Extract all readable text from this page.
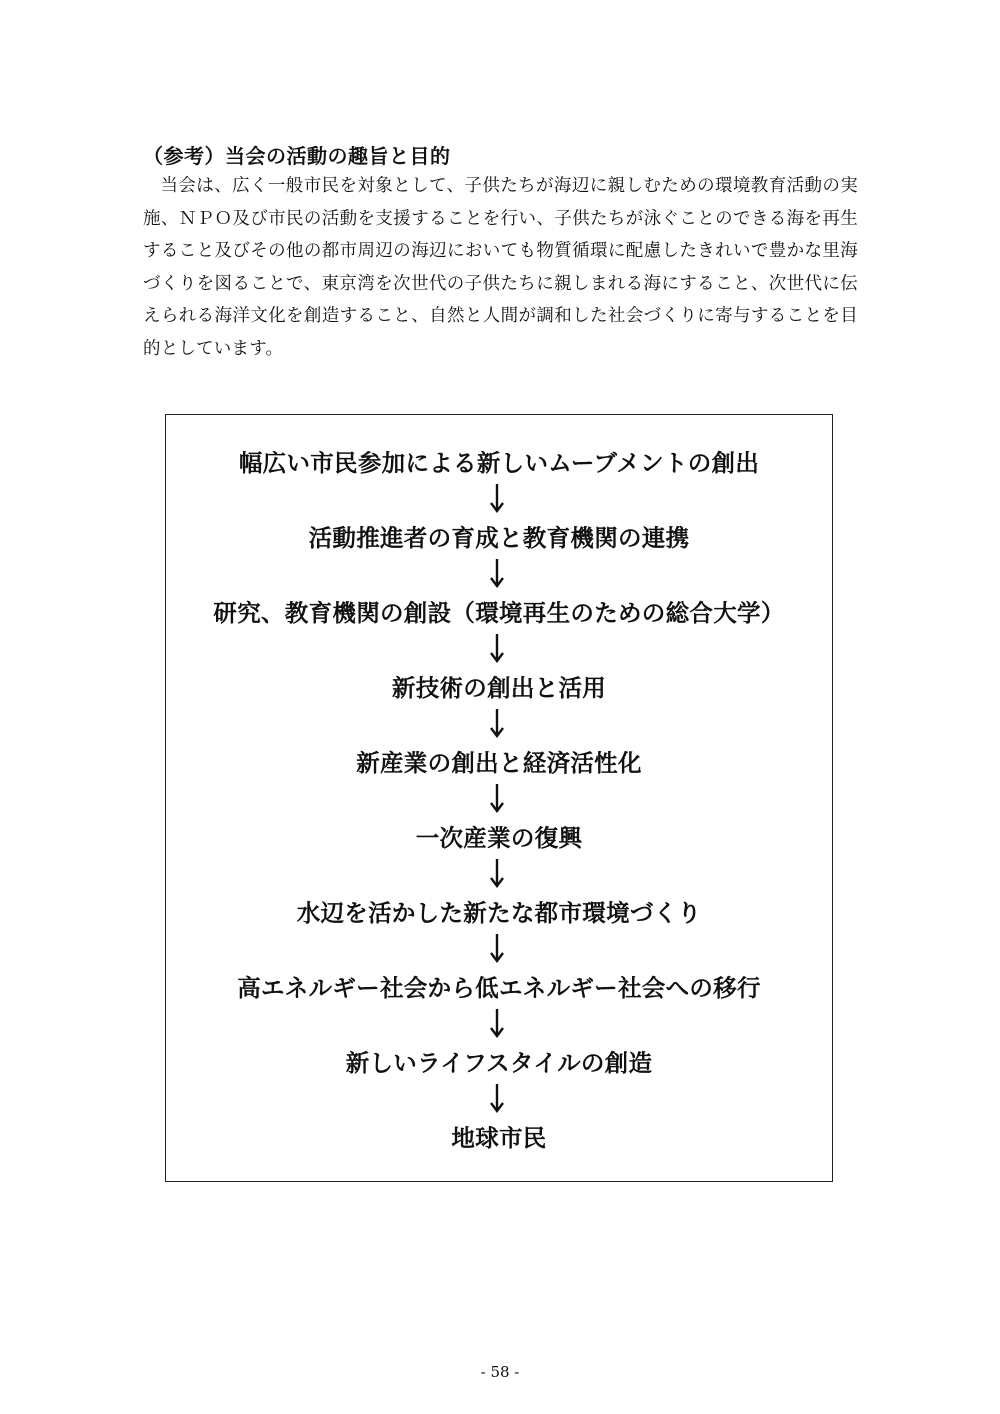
（参考）当会の活動の趣旨と目的

当会は、広く一般市民を対象として、子供たちが海辺に親しむための環境教育活動の実施、ＮＰＯ及び市民の活動を支援することを行い、子供たちが泳ぐことのできる海を再生すること及びその他の都市周辺の海辺においても物質循環に配慮したきれいで豊かな里海づくりを図ることで、東京湾を次世代の子供たちに親しまれる海にすること、次世代に伝えられる海洋文化を創造すること、自然と人間が調和した社会づくりに寄与することを目的としています。

幅広い市民参加による新しいムーブメントの創出
活動推進者の育成と教育機関の連携
研究、教育機関の創設（環境再生のための総合大学）
新技術の創出と活用
新産業の創出と経済活性化
一次産業の復興
水辺を活かした新たな都市環境づくり
高エネルギー社会から低エネルギー社会への移行
新しいライフスタイルの創造
地球市民

- 58 -
